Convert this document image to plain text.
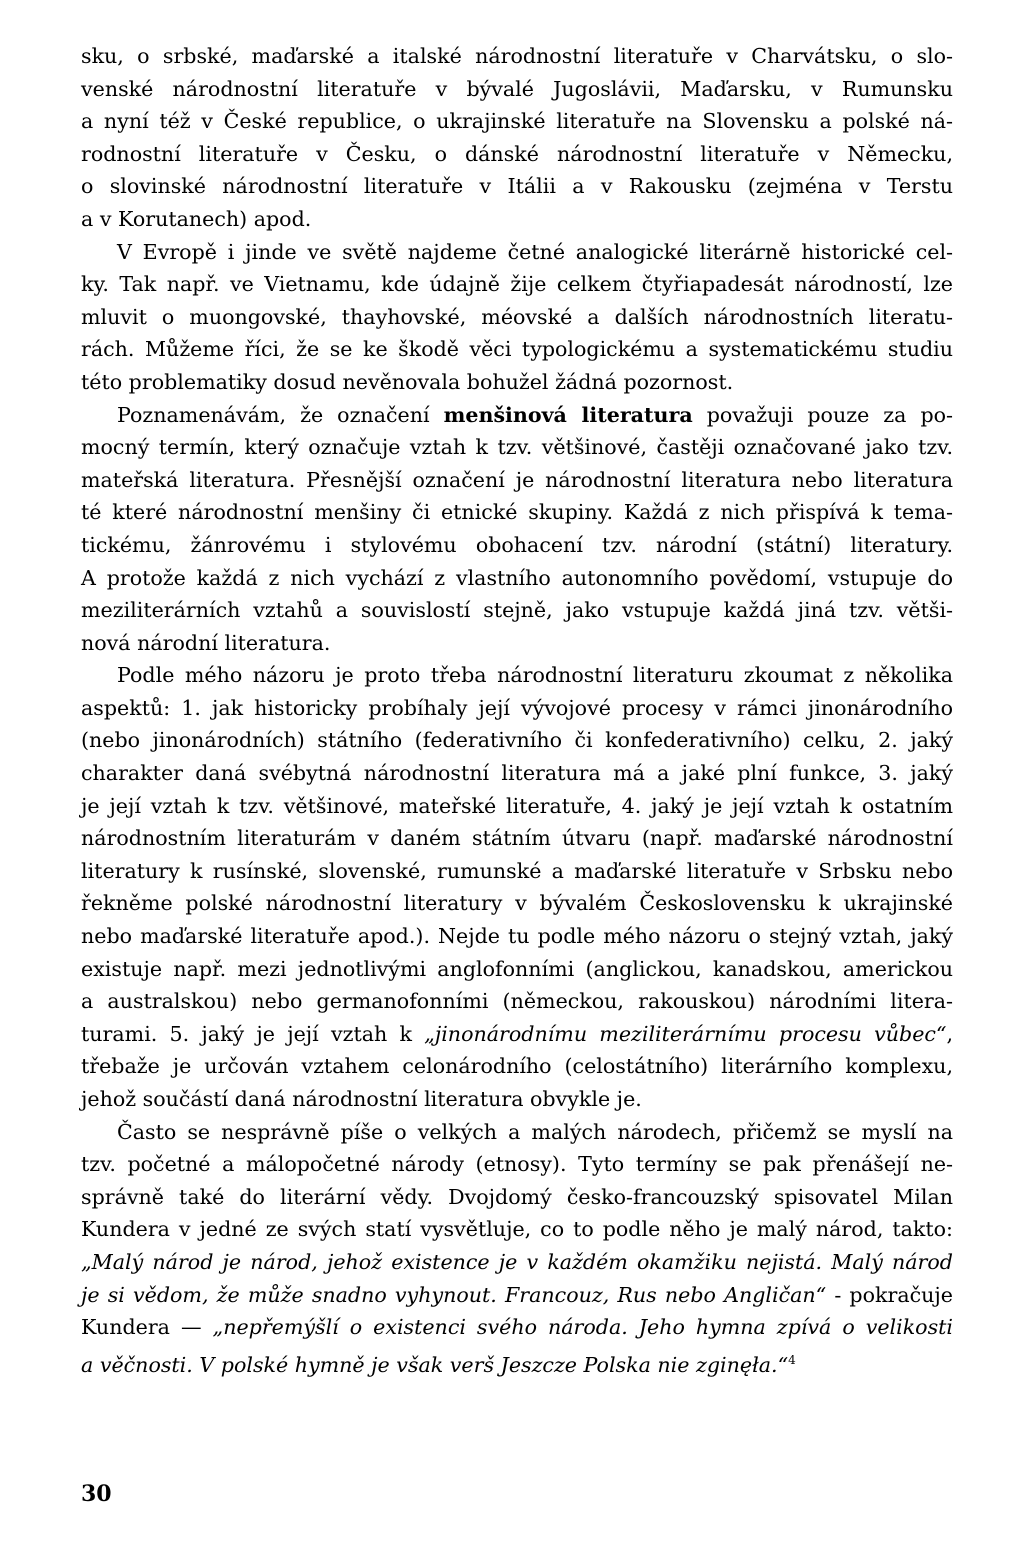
sku, o srbské, maďarské a italské národnostní literatuře v Charvátsku, o slo-
venské národnostní literatuře v bývalé Jugoslávii, Maďarsku, v Rumunsku
a nyní též v České republice, o ukrajinské literatuře na Slovensku a polské ná-
rodnostní literatuře v Česku, o dánské národnostní literatuře v Německu,
o slovinské národnostní literatuře v Itálii a v Rakousku (zejména v Terstu
a v Korutanech) apod.

V Evropě i jinde ve světě najdeme četné analogické literárně historické cel-
ky. Tak např. ve Vietnamu, kde údajně žije celkem čtyřiapadesát národností, lze
mluvit o muongovské, thayhovské, méovské a dalších národnostních literatu-
rách. Můžeme říci, že se ke škodě věci typologickému a systematickému studiu
této problematiky dosud nevěnovala bohužel žádná pozornost.

Poznamenávám, že označení menšinová literatura považuji pouze za po-
mocný termín, který označuje vztah k tzv. většinové, častěji označované jako tzv.
mateřská literatura. Přesnější označení je národnostní literatura nebo literatura
té které národnostní menšiny či etnické skupiny. Každá z nich přispívá k tema-
tickému, žánrovému i stylovému obohacení tzv. národní (státní) literatury.
A protože každá z nich vychází z vlastního autonomního povědomí, vstupuje do
meziliterárních vztahů a souvislostí stejně, jako vstupuje každá jiná tzv. větši-
nová národní literatura.

Podle mého názoru je proto třeba národnostní literaturu zkoumat z několika
aspektů: 1. jak historicky probíhaly její vývojové procesy v rámci jinonárodního
(nebo jinonárodních) státního (federativního či konfederativního) celku, 2. jaký
charakter daná svébytná národnostní literatura má a jaké plní funkce, 3. jaký
je její vztah k tzv. většinové, mateřské literatuře, 4. jaký je její vztah k ostatním
národnostním literaturám v daném státním útvaru (např. maďarské národnostní
literatury k rusínské, slovenské, rumunské a maďarské literatuře v Srbsku nebo
řekněme polské národnostní literatury v bývalém Československu k ukrajinské
nebo maďarské literatuře apod.). Nejde tu podle mého názoru o stejný vztah, jaký
existuje např. mezi jednotlivými anglofonními (anglickou, kanadskou, americkou
a australskou) nebo germanofonními (německou, rakouskou) národními litera-
turami. 5. jaký je její vztah k „jinonárodnímu meziliterárnímu procesu vůbec“,
třebaže je určován vztahem celonárodního (celostátního) literárního komplexu,
jehož součástí daná národnostní literatura obvykle je.

Často se nesprávně píše o velkých a malých národech, přičemž se myslí na
tzv. početné a málopočetné národy (etnosy). Tyto termíny se pak přenášejí ne-
správně také do literární vědy. Dvojdomý česko-francouzský spisovatel Milan
Kundera v jedné ze svých statí vysvětluje, co to podle něho je malý národ, takto:
„Malý národ je národ, jehož existence je v každém okamžiku nejistá. Malý národ
je si vědom, že může snadno vyhynout. Francouz, Rus nebo Angličan“ - pokračuje
Kundera — „nepřemýšlí o existenci svého národa. Jeho hymna zpívá o velikosti
a věčnosti. V polské hymně je však verš Jeszcze Polska nie zginęła.“$^4$

30
